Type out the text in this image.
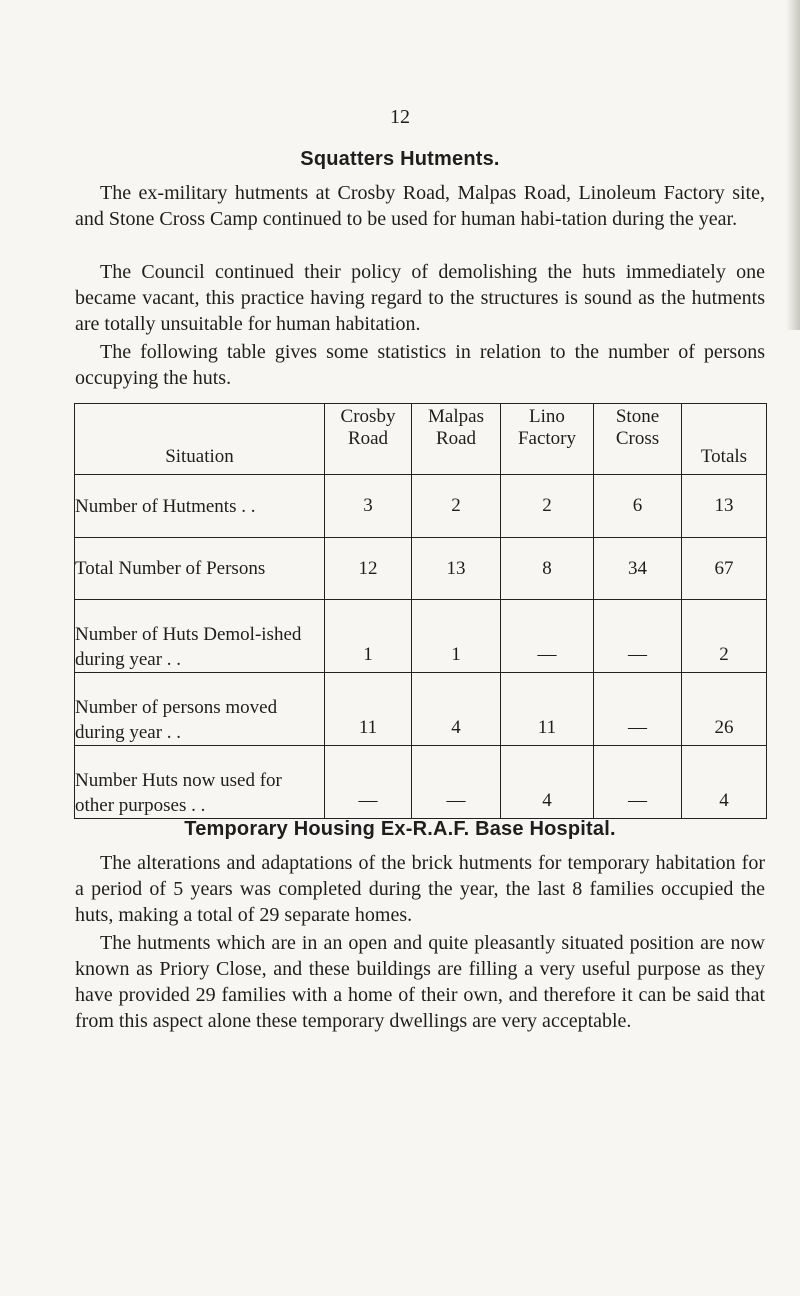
12
Squatters Hutments.

The ex-military hutments at Crosby Road, Malpas Road, Linoleum Factory site, and Stone Cross Camp continued to be used for human habi-tation during the year.

The Council continued their policy of demolishing the huts immediately one became vacant, this practice having regard to the structures is sound as the hutments are totally unsuitable for human habitation.

The following table gives some statistics in relation to the number of persons occupying the huts.

Situation	Crosby Road	Malpas Road	Lino Factory	Stone Cross	Totals
Number of Hutments . .	3	2	2	6	13
Total Number of Persons	12	13	8	34	67
Number of Huts Demol-ished during year . .	1	1	—	—	2
Number of persons moved during year . .	11	4	11	—	26
Number Huts now used for other purposes . .	—	—	4	—	4
Temporary Housing Ex-R.A.F. Base Hospital.

The alterations and adaptations of the brick hutments for temporary habitation for a period of 5 years was completed during the year, the last 8 families occupied the huts, making a total of 29 separate homes.

The hutments which are in an open and quite pleasantly situated position are now known as Priory Close, and these buildings are filling a very useful purpose as they have provided 29 families with a home of their own, and therefore it can be said that from this aspect alone these temporary dwellings are very acceptable.
